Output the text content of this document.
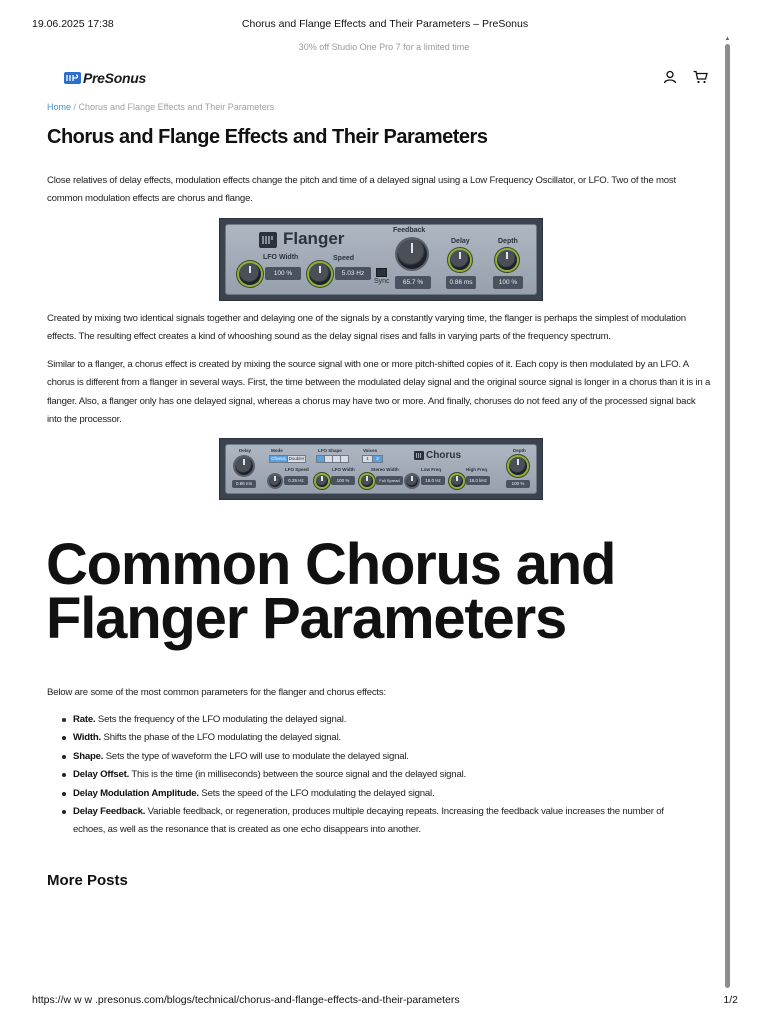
19.06.2025 17:38	Chorus and Flange Effects and Their Parameters – PreSonus
30% off Studio One Pro 7 for a limited time
PreSonus
Home / Chorus and Flange Effects and Their Parameters
Chorus and Flange Effects and Their Parameters

Close relatives of delay effects, modulation effects change the pitch and time of a delayed signal using a Low Frequency Oscillator, or LFO. Two of the most common modulation effects are chorus and flange.

Flanger
LFO Width
100 %
Speed
5.03 Hz
Sync
Feedback
65.7 %
Delay
0.86 ms
Depth
100 %

Created by mixing two identical signals together and delaying one of the signals by a constantly varying time, the flanger is perhaps the simplest of modulation effects. The resulting effect creates a kind of whooshing sound as the delay signal rises and falls in varying parts of the frequency spectrum.

Similar to a flanger, a chorus effect is created by mixing the source signal with one or more pitch-shifted copies of it. Each copy is then modulated by an LFO. A chorus is different from a flanger in several ways. First, the time between the modulated delay signal and the original source signal is longer in a chorus than it is in a flanger. Also, a flanger only has one delayed signal, whereas a chorus may have two or more. And finally, choruses do not feed any of the processed signal back into the processor.

Delay
0.86 ms
Mode
Chorus Doubler
LFO Shape	Voices
1	2	Chorus
LFO Speed
0.25 Hz
LFO Width
100 %
Stereo Width
Full Spread
Low Freq
16.0 Hz
High Freq
18.0 kHz
Depth
100 %
Common Chorus and Flanger Parameters

Below are some of the most common parameters for the flanger and chorus effects:

Rate. Sets the frequency of the LFO modulating the delayed signal.
Width. Shifts the phase of the LFO modulating the delayed signal.
Shape. Sets the type of waveform the LFO will use to modulate the delayed signal.
Delay Offset. This is the time (in milliseconds) between the source signal and the delayed signal.
Delay Modulation Amplitude. Sets the speed of the LFO modulating the delayed signal.
Delay Feedback. Variable feedback, or regeneration, produces multiple decaying repeats. Increasing the feedback value increases the number of echoes, as well as the resonance that is created as one echo disappears into another.
More Posts
▲
https://w w w .presonus.com/blogs/technical/chorus-and-flange-effects-and-their-parameters	1/2
